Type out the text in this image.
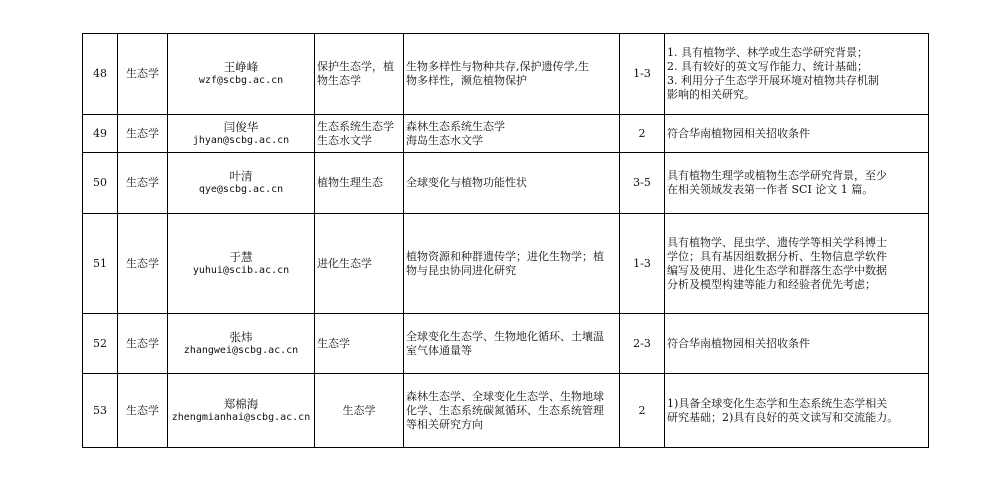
48	生态学	王峥峰
wzf@scbg.ac.cn	保护生态学，植
物生态学	生物多样性与物种共存,保护遗传学,生
物多样性，濒危植物保护	1-3	1. 具有植物学、林学或生态学研究背景；
2. 具有较好的英文写作能力、统计基础；
3. 利用分子生态学开展环境对植物共存机制
影响的相关研究。

49	生态学	闫俊华
jhyan@scbg.ac.cn	生态系统生态学
生态水文学	森林生态系统生态学
海岛生态水文学	2	符合华南植物园相关招收条件

50	生态学	叶清
qye@scbg.ac.cn	植物生理生态	全球变化与植物功能性状	3-5	具有植物生理学或植物生态学研究背景，至少
在相关领域发表第一作者 SCI 论文 1 篇。

51	生态学	于慧
yuhui@scib.ac.cn	进化生态学	植物资源和种群遗传学；进化生物学；植
物与昆虫协同进化研究	1-3	具有植物学、昆虫学、遗传学等相关学科博士
学位；具有基因组数据分析、生物信息学软件
编写及使用、进化生态学和群落生态学中数据
分析及模型构建等能力和经验者优先考虑；

52	生态学	张炜
zhangwei@scbg.ac.cn	生态学	全球变化生态学、生物地化循环、土壤温
室气体通量等	2-3	符合华南植物园相关招收条件

53	生态学	郑棉海
zhengmianhai@scbg.ac.cn	生态学	森林生态学、全球变化生态学、生物地球
化学、生态系统碳氮循环、生态系统管理
等相关研究方向	2	1)具备全球变化生态学和生态系统生态学相关
研究基础；2)具有良好的英文读写和交流能力。
